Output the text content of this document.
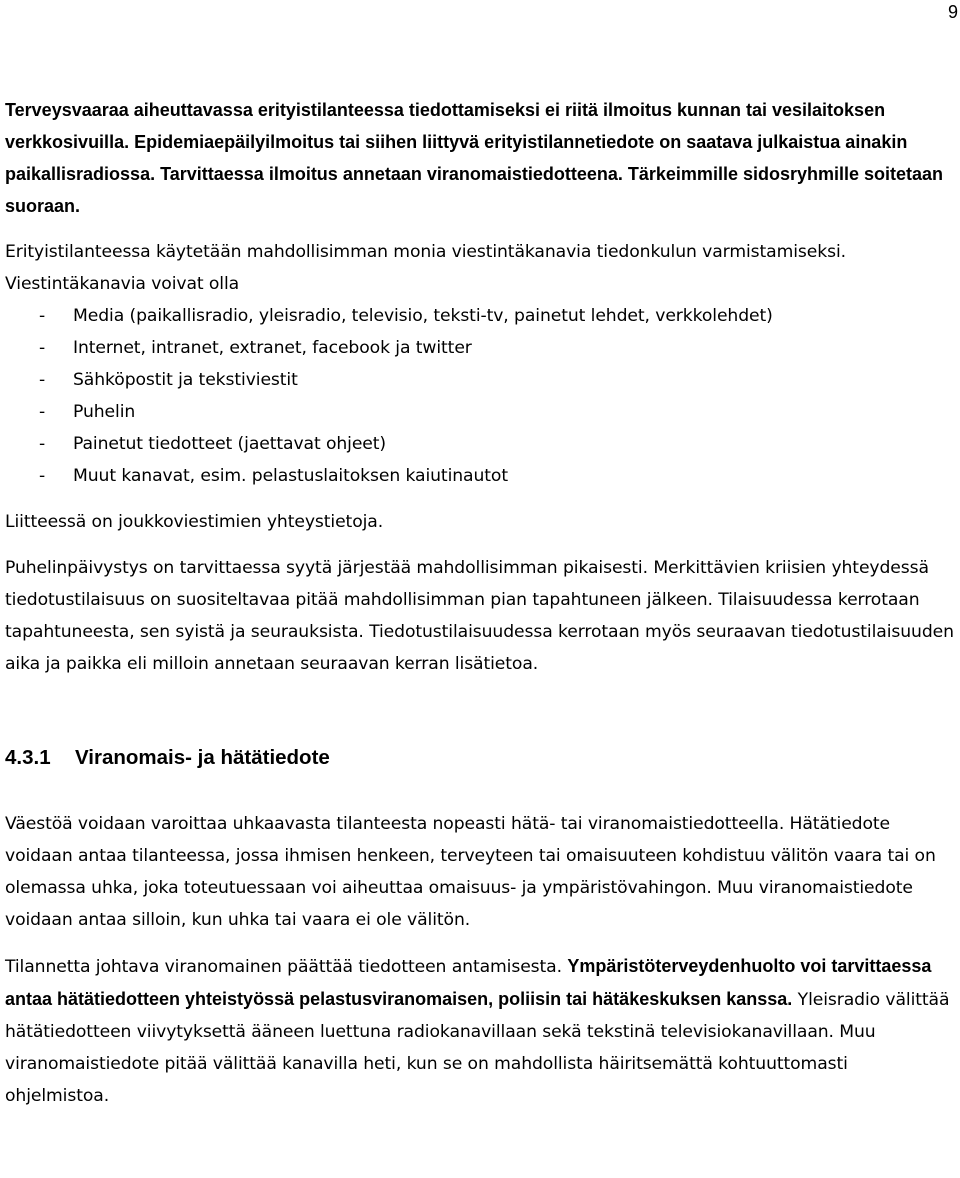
9

Terveysvaaraa aiheuttavassa erityistilanteessa tiedottamiseksi ei riitä ilmoitus kunnan tai vesilaitoksen verkkosivuilla. Epidemiaepäilyilmoitus tai siihen liittyvä erityistilannetiedote on saatava julkaistua ainakin paikallisradiossa. Tarvittaessa ilmoitus annetaan viranomaistiedotteena. Tärkeimmille sidosryhmille soitetaan suoraan.

Erityistilanteessa käytetään mahdollisimman monia viestintäkanavia tiedonkulun varmistamiseksi. Viestintäkanavia voivat olla

- Media (paikallisradio, yleisradio, televisio, teksti-tv, painetut lehdet, verkkolehdet)
- Internet, intranet, extranet, facebook ja twitter
- Sähköpostit ja tekstiviestit
- Puhelin
- Painetut tiedotteet (jaettavat ohjeet)
- Muut kanavat, esim. pelastuslaitoksen kaiutinautot

Liitteessä on joukkoviestimien yhteystietoja.

Puhelinpäivystys on tarvittaessa syytä järjestää mahdollisimman pikaisesti. Merkittävien kriisien yhteydessä tiedotustilaisuus on suositeltavaa pitää mahdollisimman pian tapahtuneen jälkeen. Tilaisuudessa kerrotaan tapahtuneesta, sen syistä ja seurauksista. Tiedotustilaisuudessa kerrotaan myös seuraavan tiedotustilaisuuden aika ja paikka eli milloin annetaan seuraavan kerran lisätietoa.

4.3.1 Viranomais- ja hätätiedote

Väestöä voidaan varoittaa uhkaavasta tilanteesta nopeasti hätä- tai viranomaistiedotteella. Hätätiedote voidaan antaa tilanteessa, jossa ihmisen henkeen, terveyteen tai omaisuuteen kohdistuu välitön vaara tai on olemassa uhka, joka toteutuessaan voi aiheuttaa omaisuus- ja ympäristövahingon. Muu viranomaistiedote voidaan antaa silloin, kun uhka tai vaara ei ole välitön.

Tilannetta johtava viranomainen päättää tiedotteen antamisesta. Ympäristöterveydenhuolto voi tarvittaessa antaa hätätiedotteen yhteistyössä pelastusviranomaisen, poliisin tai hätäkeskuksen kanssa. Yleisradio välittää hätätiedotteen viivytyksettä ääneen luettuna radiokanavillaan sekä tekstinä televisiokanavillaan. Muu viranomaistiedote pitää välittää kanavilla heti, kun se on mahdollista häiritsemättä kohtuuttomasti ohjelmistoa.
